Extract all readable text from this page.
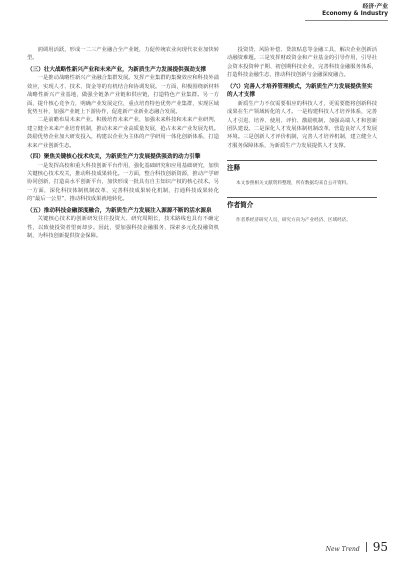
经济·产业
Economy & Industry

润调用活跃，形成一二三产业融合全产业链，力促传统农业向现代农业加快转型。

（三）壮大战略性新兴产业和未来产业，为新质生产力发展提供强劲支撑

一是推动战略性新兴产业融合集群发展。发挥产业集群的集聚效应和科技外溢效应，实现人才、技术、资金等的有机结合和协调发展。一方面，积极围绕新材料战略性新兴产业基地，做强全链条产业链和供应链，打造特色产业集群。另一方面，提升核心竞争力，明确产业发展定位，重点培育特色优势产业集群，实现区域优势互补，加强产业链上下游协作，促进新产业新业态融合发展。

二是前瞻布局未来产业。积极培育未来产业，加强未来科技和未来产业研判，建立健全未来产业培育机制，推动未来产业高质量发展，抢占未来产业发展先机。鼓励优势企业加大研发投入，构建以企业为主体的产学研用一体化创新体系，打造未来产业创新生态。

（四）聚焦关键核心技术攻关，为新质生产力发展提供强劲的动力引擎

一是发挥高校和重大科技创新平台作用，强化基础研究和应用基础研究，加快关键核心技术攻关，推动科技成果转化。一方面，整合科技创新资源，推动产学研协同创新，打造高水平创新平台，加快形成一批具有自主知识产权的核心技术。另一方面，深化科技体制机制改革，完善科技成果转化机制，打通科技成果转化的“最后一公里”，推动科技成果就地转化。

（五）推动科技金融深度融合，为新质生产力发展注入源源不断的活水源泉

关键核心技术的创新研发往往投资大、研究周期长，技术路线也具有不确定性，以致使投资者望而却步。因此，要加强科技金融服务，探索多元化投融资机制，为科技创新提供资金保障。

投资贷、风险补偿、贷款贴息等金融工具，解决企业创新活动融资难题。三是发挥财政资金和产业基金的引导作用，引导社会资本投资种子期、初创期科技企业，完善科技金融服务体系，打造科技金融生态，推动科技创新与金融深度融合。

（六）完善人才培养管理模式，为新质生产力发展提供坚实的人才支撑

新质生产力不仅需要相应的科技人才，更需要能将创新科技成果在生产领域转化的人才。一是构建科技人才培养体系，完善人才引进、培养、使用、评价、激励机制，加强高端人才和创新团队建设。二是深化人才发展体制机制改革，营造良好人才发展环境。三是创新人才评价机制，完善人才培养机制，建立健全人才服务保障体系，为新质生产力发展提供人才支撑。

注释

本文参照相关文献资料整理，所有数据均来自公开资料。

作者简介

作者系经济研究人员，研究方向为产业经济、区域经济。

New Trend 95
